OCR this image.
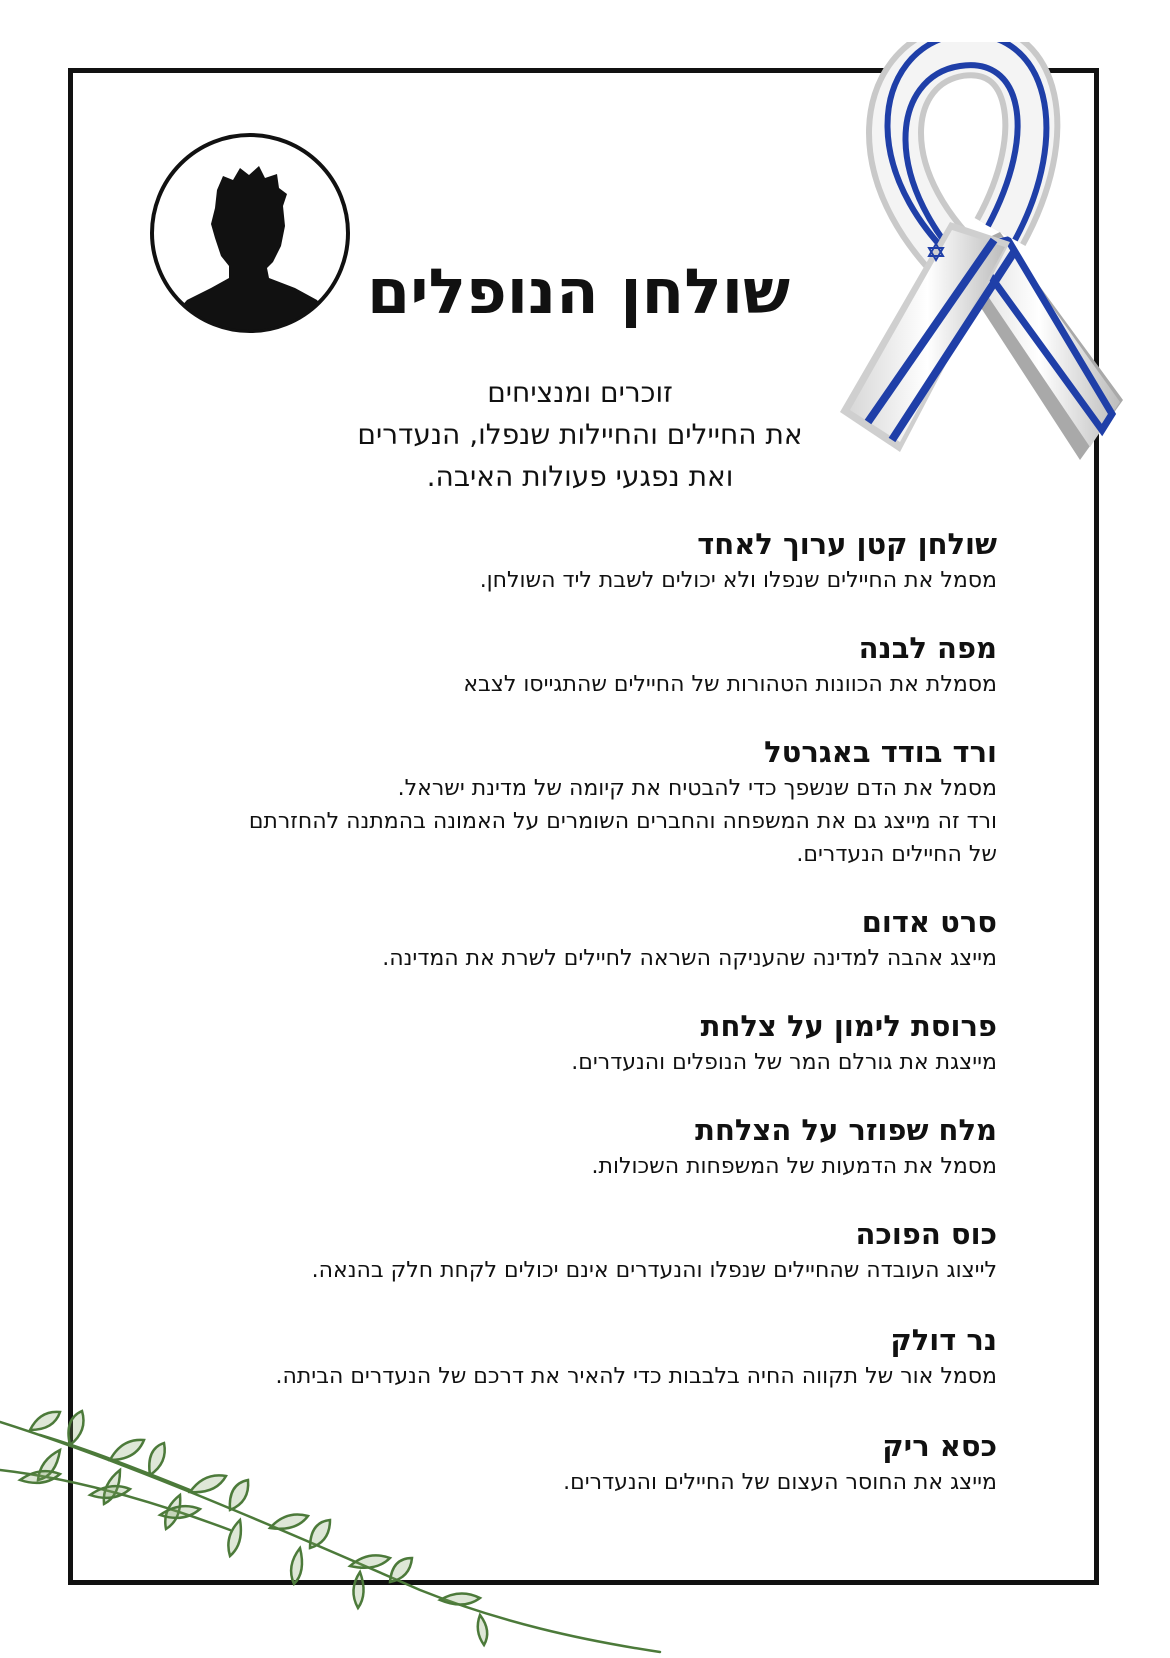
שולחן הנופלים
זוכרים ומנציחים
את החיילים והחיילות שנפלו, הנעדרים
ואת נפגעי פעולות האיבה.
שולחן קטן ערוך לאחד
מסמל את החיילים שנפלו ולא יכולים לשבת ליד השולחן.
מפה לבנה
מסמלת את הכוונות הטהורות של החיילים שהתגייסו לצבא
ורד בודד באגרטל
מסמל את הדם שנשפך כדי להבטיח את קיומה של מדינת ישראל.
ורד זה מייצג גם את המשפחה והחברים השומרים על האמונה בהמתנה להחזרתם
של החיילים הנעדרים.
סרט אדום
מייצג אהבה למדינה שהעניקה השראה לחיילים לשרת את המדינה.
פרוסת לימון על צלחת
מייצגת את גורלם המר של הנופלים והנעדרים.
מלח שפוזר על הצלחת
מסמל את הדמעות של המשפחות השכולות.
כוס הפוכה
לייצוג העובדה שהחיילים שנפלו והנעדרים אינם יכולים לקחת חלק בהנאה.
נר דולק
מסמל אור של תקווה החיה בלבבות כדי להאיר את דרכם של הנעדרים הביתה.
כסא ריק
מייצג את החוסר העצום של החיילים והנעדרים.
